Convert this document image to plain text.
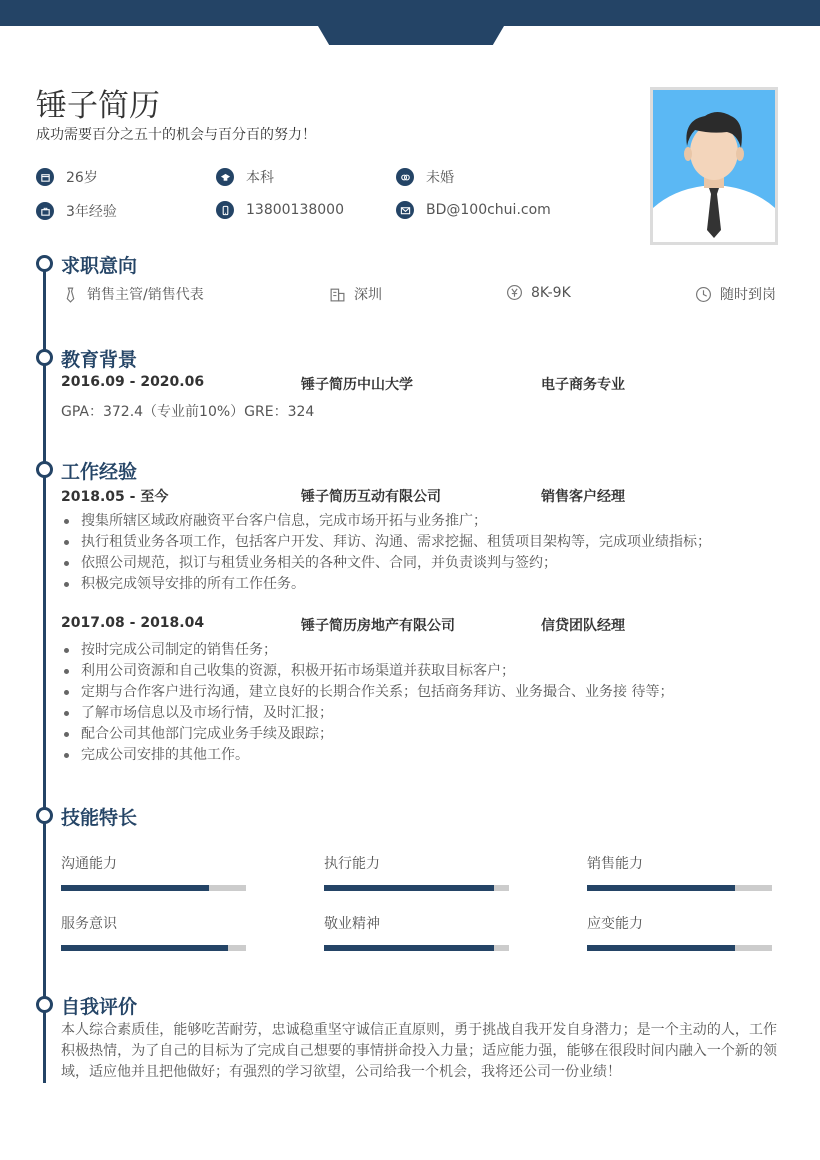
锤子简历
成功需要百分之五十的机会与百分百的努力！
26岁	本科	未婚
3年经验	13800138000	BD@100chui.com
求职意向
销售主管/销售代表	深圳	8K-9K	随时到岗
教育背景
2016.09 - 2020.06	锤子简历中山大学	电子商务专业
GPA：372.4（专业前10%）GRE：324
工作经验
2018.05 - 至今	锤子简历互动有限公司	销售客户经理
搜集所辖区域政府融资平台客户信息，完成市场开拓与业务推广；
执行租赁业务各项工作，包括客户开发、拜访、沟通、需求挖掘、租赁项目架构等，完成项业绩指标；
依照公司规范，拟订与租赁业务相关的各种文件、合同，并负责谈判与签约；
积极完成领导安排的所有工作任务。
2017.08 - 2018.04	锤子简历房地产有限公司	信贷团队经理
按时完成公司制定的销售任务；
利用公司资源和自己收集的资源，积极开拓市场渠道并获取目标客户；
定期与合作客户进行沟通，建立良好的长期合作关系；包括商务拜访、业务撮合、业务接 待等；
了解市场信息以及市场行情，及时汇报；
配合公司其他部门完成业务手续及跟踪；
完成公司安排的其他工作。
技能特长
沟通能力	执行能力	销售能力
服务意识	敬业精神	应变能力
自我评价

本人综合素质佳，能够吃苦耐劳，忠诚稳重坚守诚信正直原则，勇于挑战自我开发自身潜力；是一个主动的人，工作积极热情，为了自己的目标为了完成自己想要的事情拼命投入力量；适应能力强，能够在很段时间内融入一个新的领域，适应他并且把他做好；有强烈的学习欲望，公司给我一个机会，我将还公司一份业绩！
